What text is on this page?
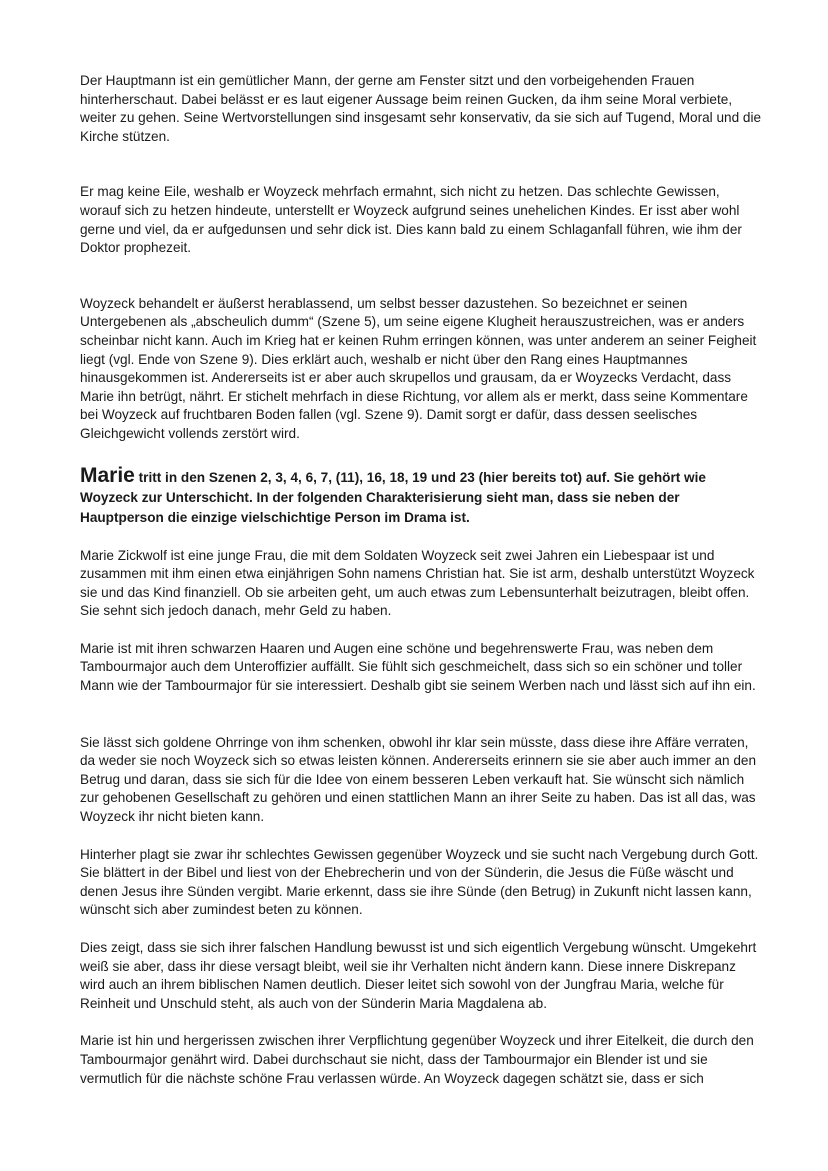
Der Hauptmann ist ein gemütlicher Mann, der gerne am Fenster sitzt und den vorbeigehenden Frauen hinterherschaut. Dabei belässt er es laut eigener Aussage beim reinen Gucken, da ihm seine Moral verbiete, weiter zu gehen. Seine Wertvorstellungen sind insgesamt sehr konservativ, da sie sich auf Tugend, Moral und die Kirche stützen.

Er mag keine Eile, weshalb er Woyzeck mehrfach ermahnt, sich nicht zu hetzen. Das schlechte Gewissen, worauf sich zu hetzen hindeute, unterstellt er Woyzeck aufgrund seines unehelichen Kindes. Er isst aber wohl gerne und viel, da er aufgedunsen und sehr dick ist. Dies kann bald zu einem Schlaganfall führen, wie ihm der Doktor prophezeit.

Woyzeck behandelt er äußerst herablassend, um selbst besser dazustehen. So bezeichnet er seinen Untergebenen als „abscheulich dumm“ (Szene 5), um seine eigene Klugheit herauszustreichen, was er anders scheinbar nicht kann. Auch im Krieg hat er keinen Ruhm erringen können, was unter anderem an seiner Feigheit liegt (vgl. Ende von Szene 9). Dies erklärt auch, weshalb er nicht über den Rang eines Hauptmannes hinausgekommen ist. Andererseits ist er aber auch skrupellos und grausam, da er Woyzecks Verdacht, dass Marie ihn betrügt, nährt. Er stichelt mehrfach in diese Richtung, vor allem als er merkt, dass seine Kommentare bei Woyzeck auf fruchtbaren Boden fallen (vgl. Szene 9). Damit sorgt er dafür, dass dessen seelisches Gleichgewicht vollends zerstört wird.

Marie tritt in den Szenen 2, 3, 4, 6, 7, (11), 16, 18, 19 und 23 (hier bereits tot) auf. Sie gehört wie Woyzeck zur Unterschicht. In der folgenden Charakterisierung sieht man, dass sie neben der Hauptperson die einzige vielschichtige Person im Drama ist.

Marie Zickwolf ist eine junge Frau, die mit dem Soldaten Woyzeck seit zwei Jahren ein Liebespaar ist und zusammen mit ihm einen etwa einjährigen Sohn namens Christian hat. Sie ist arm, deshalb unterstützt Woyzeck sie und das Kind finanziell. Ob sie arbeiten geht, um auch etwas zum Lebensunterhalt beizutragen, bleibt offen. Sie sehnt sich jedoch danach, mehr Geld zu haben.

Marie ist mit ihren schwarzen Haaren und Augen eine schöne und begehrenswerte Frau, was neben dem Tambourmajor auch dem Unteroffizier auffällt. Sie fühlt sich geschmeichelt, dass sich so ein schöner und toller Mann wie der Tambourmajor für sie interessiert. Deshalb gibt sie seinem Werben nach und lässt sich auf ihn ein.

Sie lässt sich goldene Ohrringe von ihm schenken, obwohl ihr klar sein müsste, dass diese ihre Affäre verraten, da weder sie noch Woyzeck sich so etwas leisten können. Andererseits erinnern sie sie aber auch immer an den Betrug und daran, dass sie sich für die Idee von einem besseren Leben verkauft hat. Sie wünscht sich nämlich zur gehobenen Gesellschaft zu gehören und einen stattlichen Mann an ihrer Seite zu haben. Das ist all das, was Woyzeck ihr nicht bieten kann.

Hinterher plagt sie zwar ihr schlechtes Gewissen gegenüber Woyzeck und sie sucht nach Vergebung durch Gott. Sie blättert in der Bibel und liest von der Ehebrecherin und von der Sünderin, die Jesus die Füße wäscht und denen Jesus ihre Sünden vergibt. Marie erkennt, dass sie ihre Sünde (den Betrug) in Zukunft nicht lassen kann, wünscht sich aber zumindest beten zu können.

Dies zeigt, dass sie sich ihrer falschen Handlung bewusst ist und sich eigentlich Vergebung wünscht. Umgekehrt weiß sie aber, dass ihr diese versagt bleibt, weil sie ihr Verhalten nicht ändern kann. Diese innere Diskrepanz wird auch an ihrem biblischen Namen deutlich. Dieser leitet sich sowohl von der Jungfrau Maria, welche für Reinheit und Unschuld steht, als auch von der Sünderin Maria Magdalena ab.

Marie ist hin und hergerissen zwischen ihrer Verpflichtung gegenüber Woyzeck und ihrer Eitelkeit, die durch den Tambourmajor genährt wird. Dabei durchschaut sie nicht, dass der Tambourmajor ein Blender ist und sie vermutlich für die nächste schöne Frau verlassen würde. An Woyzeck dagegen schätzt sie, dass er sich
